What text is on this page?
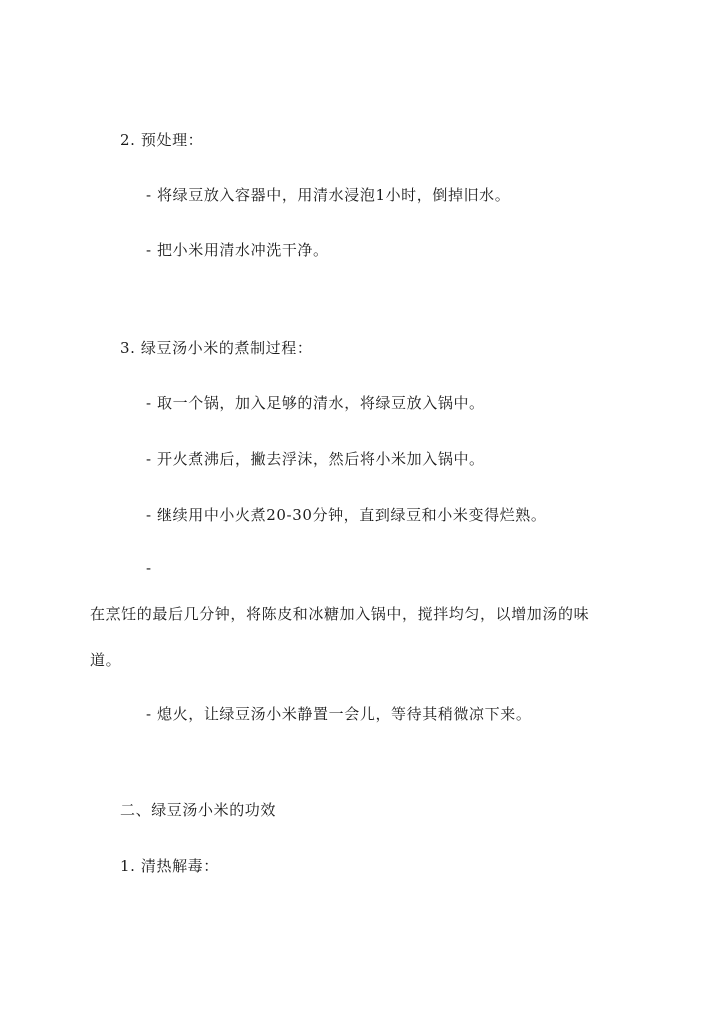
2. 预处理：
- 将绿豆放入容器中，用清水浸泡1小时，倒掉旧水。
- 把小米用清水冲洗干净。
3. 绿豆汤小米的煮制过程：
- 取一个锅，加入足够的清水，将绿豆放入锅中。
- 开火煮沸后，撇去浮沫，然后将小米加入锅中。
- 继续用中小火煮20-30分钟，直到绿豆和小米变得烂熟。
-
在烹饪的最后几分钟，将陈皮和冰糖加入锅中，搅拌均匀，以增加汤的味
道。
- 熄火，让绿豆汤小米静置一会儿，等待其稍微凉下来。
二、绿豆汤小米的功效
1. 清热解毒：
